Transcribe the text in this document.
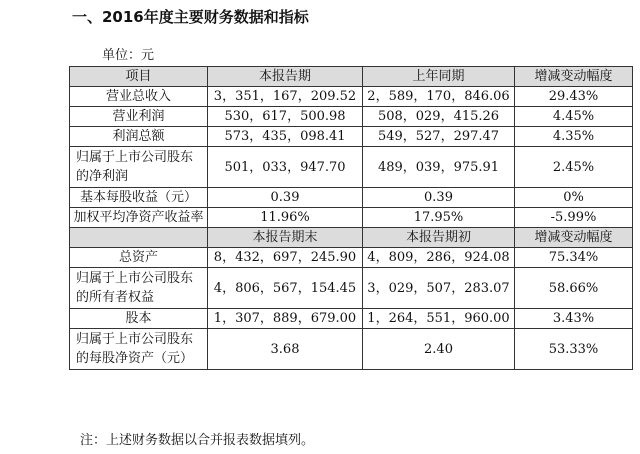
一、2016年度主要财务数据和指标
单位：元
项目	本报告期	上年同期	增减变动幅度
营业总收入	3，351，167，209.52	2，589，170，846.06	29.43%
营业利润	530，617，500.98	508，029，415.26	4.45%
利润总额	573，435，098.41	549，527，297.47	4.35%
归属于上市公司股东的净利润	501，033，947.70	489，039，975.91	2.45%
基本每股收益（元）	0.39	0.39	0%
加权平均净资产收益率	11.96%	17.95%	-5.99%
	本报告期末	本报告期初	增减变动幅度
总资产	8，432，697，245.90	4，809，286，924.08	75.34%
归属于上市公司股东的所有者权益	4，806，567，154.45	3，029，507，283.07	58.66%
股本	1，307，889，679.00	1，264，551，960.00	3.43%
归属于上市公司股东的每股净资产（元）	3.68	2.40	53.33%
注：上述财务数据以合并报表数据填列。
